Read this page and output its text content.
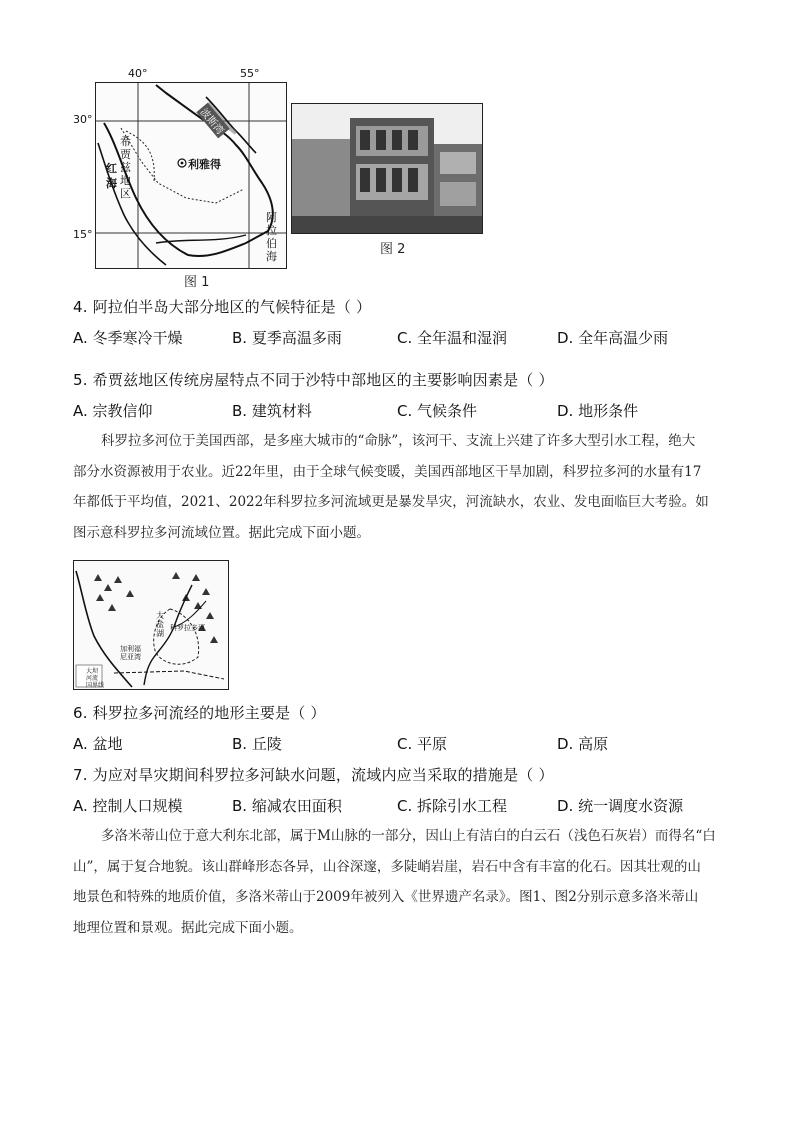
40°	55°
30°
15°
红 海
希 贾 兹 地 区
利雅得
波斯湾
阿 拉 伯 海
图 1
图 2
4. 阿拉伯半岛大部分地区的气候特征是（ ）
A. 冬季寒冷干燥	B. 夏季高温多雨	C. 全年温和湿润	D. 全年高温少雨
5. 希贾兹地区传统房屋特点不同于沙特中部地区的主要影响因素是（ ）
A. 宗教信仰	B. 建筑材料	C. 气候条件	D. 地形条件

科罗拉多河位于美国西部，是多座大城市的“命脉”，该河干、支流上兴建了许多大型引水工程，绝大

部分水资源被用于农业。近22年里，由于全球气候变暖，美国西部地区干旱加剧，科罗拉多河的水量有17

年都低于平均值，2021、2022年科罗拉多河流域更是暴发旱灾，河流缺水，农业、发电面临巨大考验。如

图示意科罗拉多河流域位置。据此完成下面小题。

大盐湖
科罗拉多河
加利福尼亚湾
大坝
河流
国界线
6. 科罗拉多河流经的地形主要是（ ）
A. 盆地	B. 丘陵	C. 平原	D. 高原
7. 为应对旱灾期间科罗拉多河缺水问题，流域内应当采取的措施是（ ）
A. 控制人口规模	B. 缩减农田面积	C. 拆除引水工程	D. 统一调度水资源

多洛米蒂山位于意大利东北部，属于M山脉的一部分，因山上有洁白的白云石（浅色石灰岩）而得名“白

山”，属于复合地貌。该山群峰形态各异，山谷深邃，多陡峭岩崖，岩石中含有丰富的化石。因其壮观的山

地景色和特殊的地质价值，多洛米蒂山于2009年被列入《世界遗产名录》。图1、图2分别示意多洛米蒂山

地理位置和景观。据此完成下面小题。
